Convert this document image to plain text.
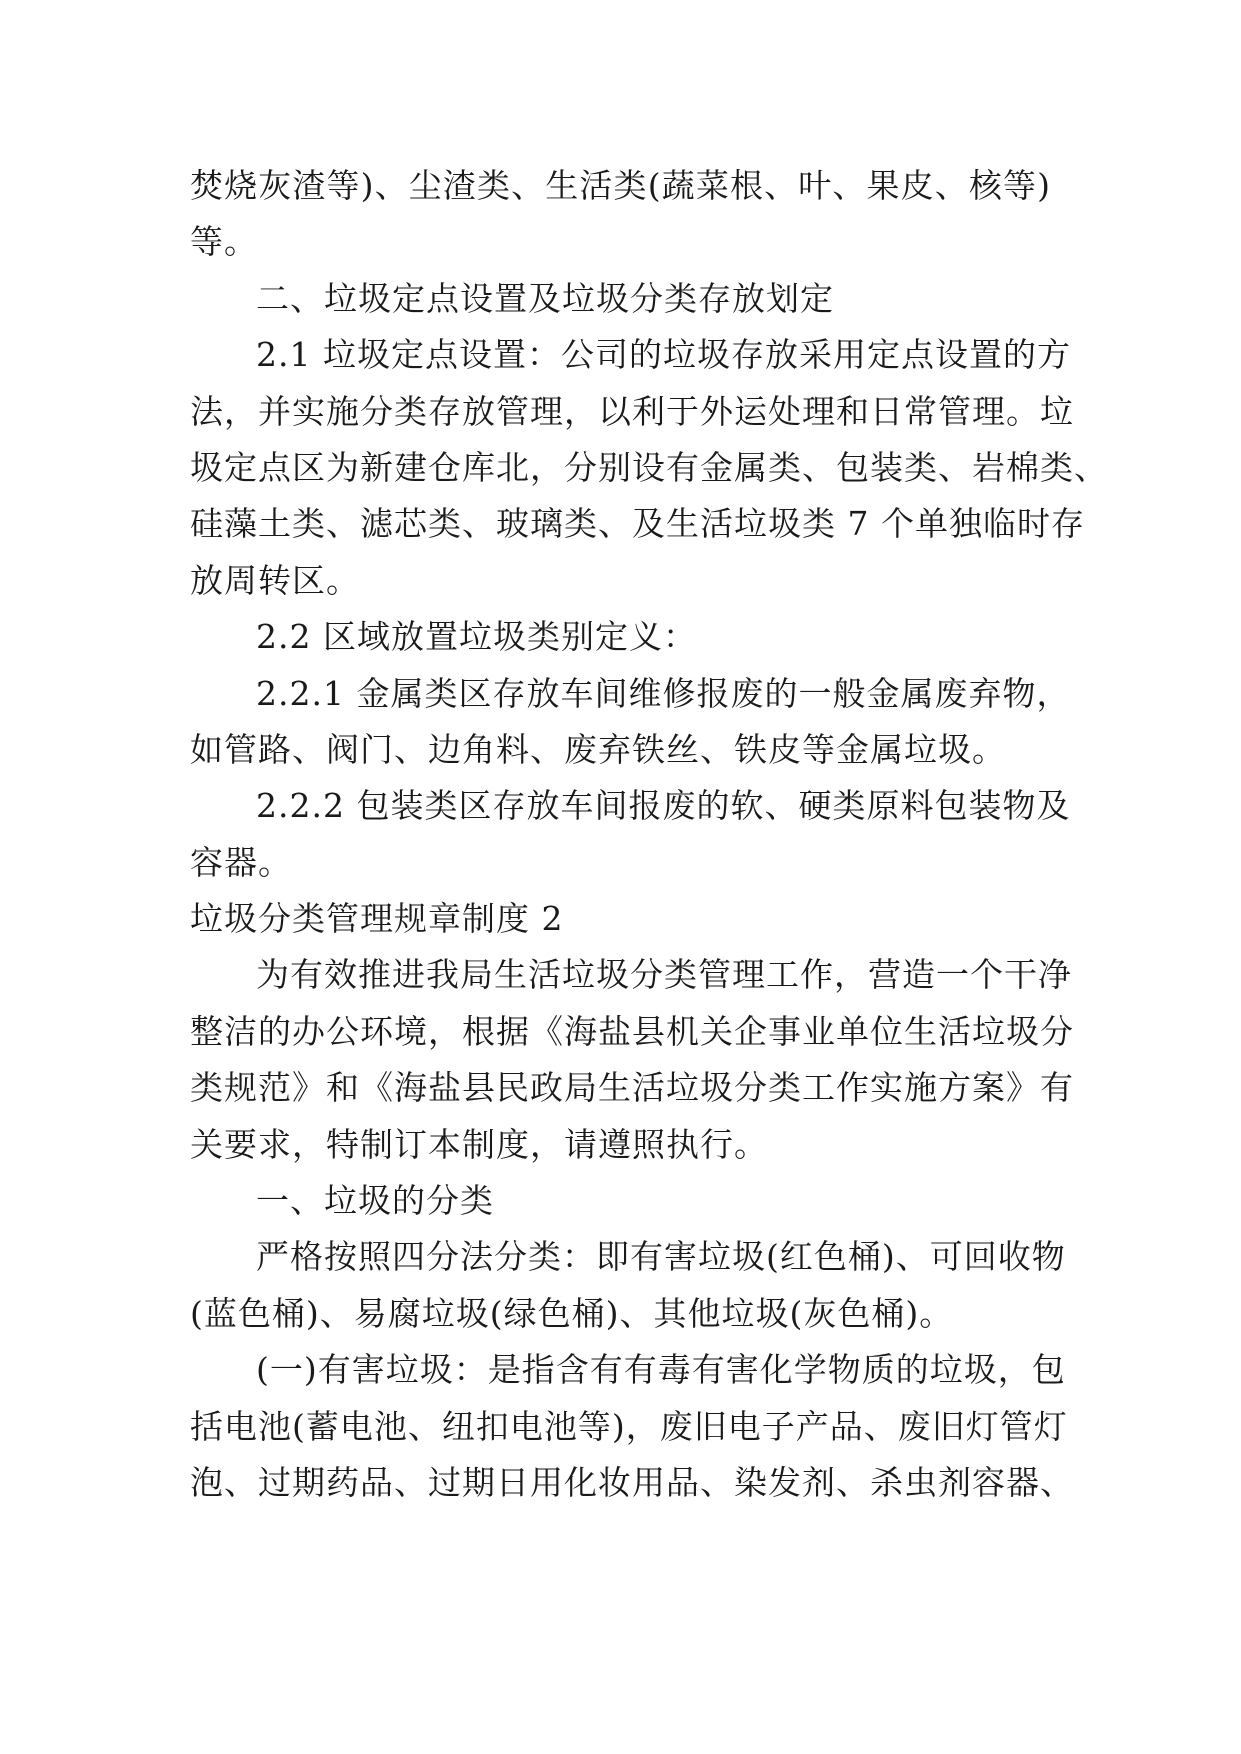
焚烧灰渣等)、尘渣类、生活类(蔬菜根、叶、果皮、核等)

等。

二、垃圾定点设置及垃圾分类存放划定

2.1 垃圾定点设置：公司的垃圾存放采用定点设置的方

法，并实施分类存放管理，以利于外运处理和日常管理。垃

圾定点区为新建仓库北，分别设有金属类、包装类、岩棉类、

硅藻土类、滤芯类、玻璃类、及生活垃圾类 7 个单独临时存

放周转区。

2.2 区域放置垃圾类别定义：

2.2.1 金属类区存放车间维修报废的一般金属废弃物，

如管路、阀门、边角料、废弃铁丝、铁皮等金属垃圾。

2.2.2 包装类区存放车间报废的软、硬类原料包装物及

容器。

垃圾分类管理规章制度 2

为有效推进我局生活垃圾分类管理工作，营造一个干净

整洁的办公环境，根据《海盐县机关企事业单位生活垃圾分

类规范》和《海盐县民政局生活垃圾分类工作实施方案》有

关要求，特制订本制度，请遵照执行。

一、垃圾的分类

严格按照四分法分类：即有害垃圾(红色桶)、可回收物

(蓝色桶)、易腐垃圾(绿色桶)、其他垃圾(灰色桶)。

(一)有害垃圾：是指含有有毒有害化学物质的垃圾，包

括电池(蓄电池、纽扣电池等)，废旧电子产品、废旧灯管灯

泡、过期药品、过期日用化妆用品、染发剂、杀虫剂容器、
